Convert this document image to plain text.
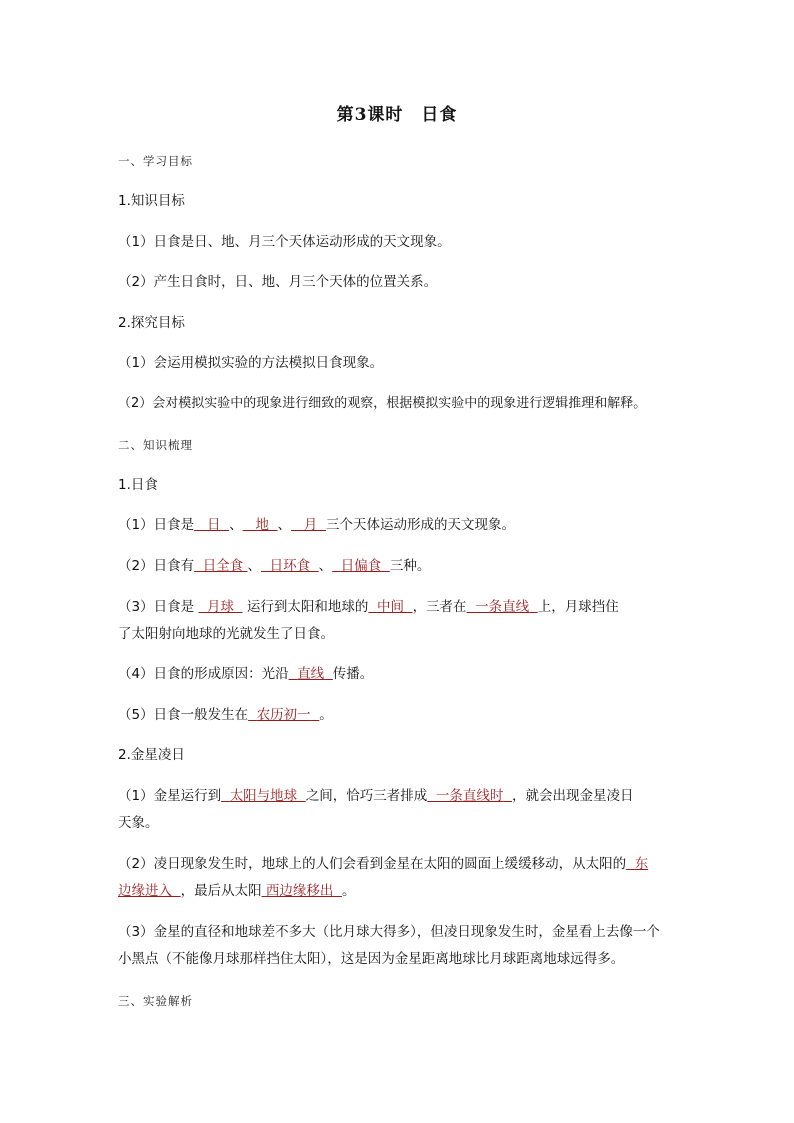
第3课时　日食
一、学习目标
1.知识目标
（1）日食是日、地、月三个天体运动形成的天文现象。
（2）产生日食时，日、地、月三个天体的位置关系。
2.探究目标
（1）会运用模拟实验的方法模拟日食现象。
（2）会对模拟实验中的现象进行细致的观察，根据模拟实验中的现象进行逻辑推理和解释。
二、知识梳理
1.日食
（1）日食是 日 、 地 、 月 三个天体运动形成的天文现象。
（2）日食有 日全食 、 日环食 、 日偏食 三种。
（3）日食是   月球   运行到太阳和地球的 中间 ，三者在 一条直线 上，月球挡住
了太阳射向地球的光就发生了日食。
（4）日食的形成原因：光沿 直线 传播。
（5）日食一般发生在 农历初一 。
2.金星凌日
（1）金星运行到 太阳与地球 之间，恰巧三者排成 一条直线时 ，就会出现金星凌日
天象。
（2）凌日现象发生时，地球上的人们会看到金星在太阳的圆面上缓缓移动，从太阳的 东
边缘进入 ，最后从太阳 西边缘移出 。
（3）金星的直径和地球差不多大（比月球大得多），但凌日现象发生时，金星看上去像一个
小黑点（不能像月球那样挡住太阳），这是因为金星距离地球比月球距离地球远得多。
三、实验解析
